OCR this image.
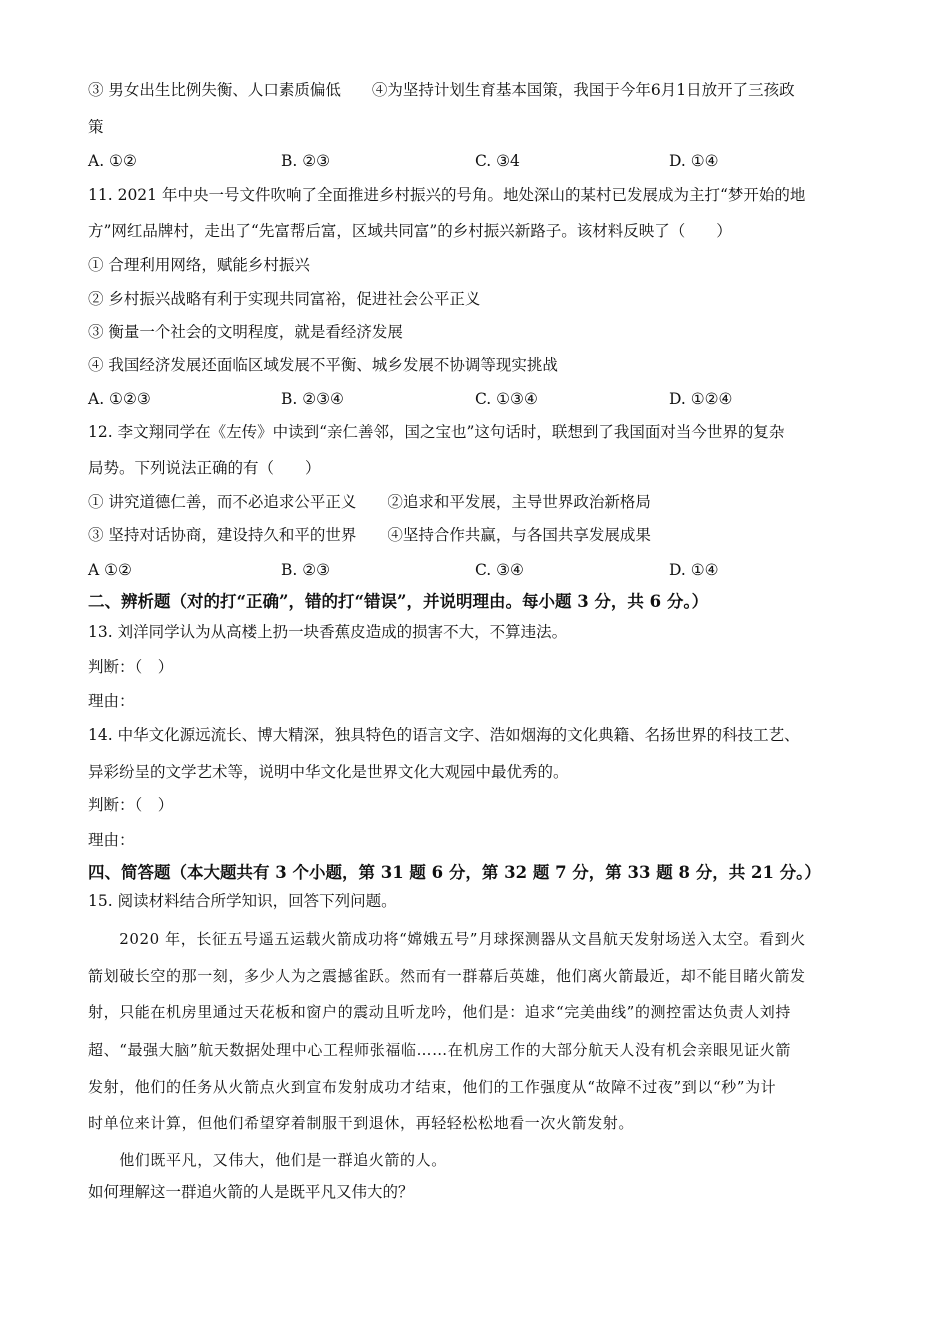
③ 男女出生比例失衡、人口素质偏低　　④为坚持计划生育基本国策，我国于今年6月1日放开了三孩政
策
A. ①②	B. ②③	C. ③4	D. ①④
11. 2021 年中央一号文件吹响了全面推进乡村振兴的号角。地处深山的某村已发展成为主打“梦开始的地
方”网红品牌村，走出了“先富帮后富，区域共同富”的乡村振兴新路子。该材料反映了（　　）
① 合理利用网络，赋能乡村振兴
② 乡村振兴战略有利于实现共同富裕，促进社会公平正义
③ 衡量一个社会的文明程度，就是看经济发展
④ 我国经济发展还面临区域发展不平衡、城乡发展不协调等现实挑战
A. ①②③	B. ②③④	C. ①③④	D. ①②④
12. 李文翔同学在《左传》中读到“亲仁善邻，国之宝也”这句话时，联想到了我国面对当今世界的复杂
局势。下列说法正确的有（　　）
① 讲究道德仁善，而不必追求公平正义　　②追求和平发展，主导世界政治新格局
③ 坚持对话协商，建设持久和平的世界　　④坚持合作共赢，与各国共享发展成果
A ①②	B. ②③	C. ③④	D. ①④
二、辨析题（对的打“正确”，错的打“错误”，并说明理由。每小题 3 分，共 6 分。）
13. 刘洋同学认为从高楼上扔一块香蕉皮造成的损害不大，不算违法。
判断：（　）
理由：
14. 中华文化源远流长、博大精深，独具特色的语言文字、浩如烟海的文化典籍、名扬世界的科技工艺、
异彩纷呈的文学艺术等，说明中华文化是世界文化大观园中最优秀的。
判断：（　）
理由：
四、简答题（本大题共有 3 个小题，第 31 题 6 分，第 32 题 7 分，第 33 题 8 分，共 21 分。）
15. 阅读材料结合所学知识，回答下列问题。
　　2020 年，长征五号遥五运载火箭成功将“嫦娥五号”月球探测器从文昌航天发射场送入太空。看到火
箭划破长空的那一刻，多少人为之震撼雀跃。然而有一群幕后英雄，他们离火箭最近，却不能目睹火箭发
射，只能在机房里通过天花板和窗户的震动且听龙吟，他们是：追求“完美曲线”的测控雷达负责人刘持
超、“最强大脑”航天数据处理中心工程师张福临……在机房工作的大部分航天人没有机会亲眼见证火箭
发射，他们的任务从火箭点火到宣布发射成功才结束，他们的工作强度从“故障不过夜”到以“秒”为计
时单位来计算，但他们希望穿着制服干到退休，再轻轻松松地看一次火箭发射。
　　他们既平凡，又伟大，他们是一群追火箭的人。
如何理解这一群追火箭的人是既平凡又伟大的？
